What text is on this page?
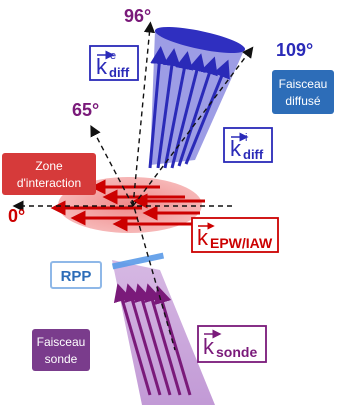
96°
109°
65°
0°
k e
diff
k i
diff
Faisceau
diffusé
Zone
d'interaction
k EPW/IAW
RPP
Faisceau
sonde	k sonde
